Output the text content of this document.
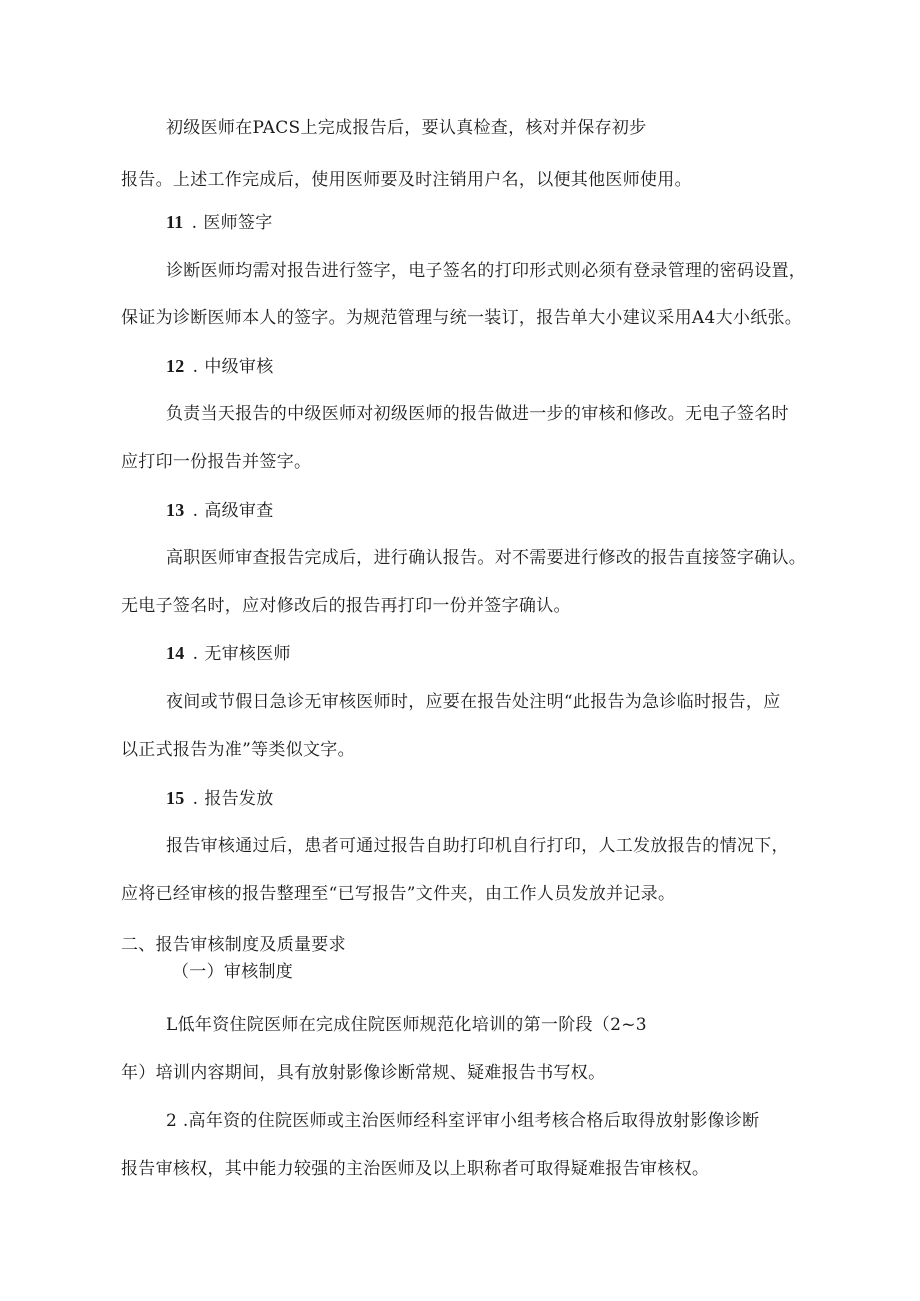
初级医师在PACS上完成报告后，要认真检查，核对并保存初步
报告。上述工作完成后，使用医师要及时注销用户名，以便其他医师使用。
11 . 医师签字
诊断医师均需对报告进行签字，电子签名的打印形式则必须有登录管理的密码设置，
保证为诊断医师本人的签字。为规范管理与统一装订，报告单大小建议采用A4大小纸张。
12 . 中级审核
负责当天报告的中级医师对初级医师的报告做进一步的审核和修改。无电子签名时
应打印一份报告并签字。
13 . 高级审查
高职医师审查报告完成后，进行确认报告。对不需要进行修改的报告直接签字确认。
无电子签名时，应对修改后的报告再打印一份并签字确认。
14 . 无审核医师
夜间或节假日急诊无审核医师时，应要在报告处注明“此报告为急诊临时报告，应
以正式报告为准”等类似文字。
15 . 报告发放
报告审核通过后，患者可通过报告自助打印机自行打印，人工发放报告的情况下，
应将已经审核的报告整理至“已写报告”文件夹，由工作人员发放并记录。
二、报告审核制度及质量要求
（一）审核制度
L低年资住院医师在完成住院医师规范化培训的第一阶段（2~3
年）培训内容期间，具有放射影像诊断常规、疑难报告书写权。
2 .高年资的住院医师或主治医师经科室评审小组考核合格后取得放射影像诊断
报告审核权，其中能力较强的主治医师及以上职称者可取得疑难报告审核权。
